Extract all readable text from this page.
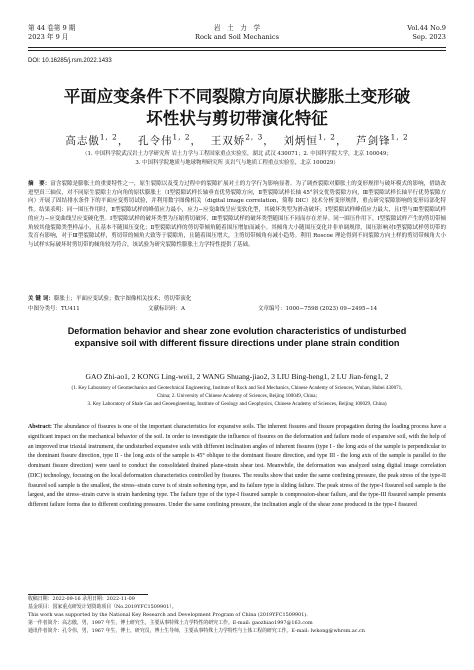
第 44 卷第 9 期
2023 年 9 月
岩　土　力　学
Rock and Soil Mechanics
Vol.44 No.9
Sep. 2023
DOI: 10.16285/j.rsm.2022.1433
平面应变条件下不同裂隙方向原状膨胀土变形破
坏性状与剪切带演化特征
高志傲$^{1, 2}$，  孔令伟$^{1, 2}$，  王双娇$^{2, 3}$，  刘炳恒$^{1, 2}$，  芦剑锋$^{1, 2}$
（1. 中国科学院武汉岩土力学研究所 岩土力学与工程国家重点实验室，湖北 武汉 430071；2. 中国科学院大学，北京 100049；
3. 中国科学院地质与地球物理研究所 页岩气与地质工程重点实验室，北京 100029）
摘　要：富含裂隙是膨胀土的重要特性之一，原生裂隙以及受力过程中的裂隙扩展对土的力学行为影响显著。为了调查裂隙对膨胀土的变形规律与破坏模式的影响，借助改进型真三轴仪，对不同原生裂隙主方向角的原状膨胀土（Ⅰ型裂隙试样长轴垂直优势裂隙方向，Ⅱ型裂隙试样长轴 45°斜交优势裂隙方向，Ⅲ型裂隙试样长轴平行优势裂隙方向）开展了固结排水条件下的平面应变剪切试验，并利用数字图像相关（digital image correlation，简称 DIC）技术分析变形规律，重点研究裂隙影响的变形局部化特性。结果表明：同一围压作用时，Ⅱ型裂隙试样的峰值应力最小，应力−应变曲线呈应变软化型，其破坏类型为滑动破坏；Ⅰ型裂隙试样峰值应力最大，且Ⅰ型与Ⅲ型裂隙试样的应力−应变曲线呈应变硬化型。Ⅰ型裂隙试样的破坏类型为压缩剪切破坏，Ⅲ型裂隙试样的破坏类型随围压不同而存在差异。同一围压作用下，Ⅰ型裂隙试样产生的剪切带倾角较其他裂隙类型样品小，且基本不随围压变化；Ⅱ型裂隙试样的剪切带倾角随着围压增加而减小。其倾角大小随围压变化并非单调规律，围压影响对Ⅰ型裂隙试样剪切带的发育有影响，对于Ⅲ型裂隙试样，剪切带的倾角大致等于裂隙角，且随着围压增大，主剪切带倾角有减小趋势。利用 Roscoe 理论得到不同裂隙方向土样的剪切带倾角大小与试样实际破坏时剪切带的倾角较为符合，该试验为研究裂隙性膨胀土力学特性提供了基础。
关 键 词：膨胀土；平面应变试验；数字图像相关技术；剪切带演化
中图分类号：TU411	文献标识码：A	文章编号：1000−7598 (2023) 09−2495−14
Deformation behavior and shear zone evolution characteristics of undisturbed
expansive soil with different fissure directions under plane strain condition
GAO Zhi-ao1, 2 KONG Ling-wei1, 2 WANG Shuang-jiao2, 3 LIU Bing-heng1, 2 LU Jian-feng1, 2
(1. Key Laboratory of Geomechanics and Geotechnical Engineering, Institute of Rock and Soil Mechanics, Chinese Academy of Sciences, Wuhan, Hubei 430071,
China; 2. University of Chinese Academy of Sciences, Beijing 100049, China;
3. Key Laboratory of Shale Gas and Geoengineering, Institute of Geology and Geophysics, Chinese Academy of Sciences, Beijing 100029, China)
Abstract: The abundance of fissures is one of the important characteristics for expansive soils. The inherent fissures and fissure propagation during the loading process have a significant impact on the mechanical behavior of the soil. In order to investigate the influence of fissures on the deformation and failure mode of expansive soil, with the help of an improved true triaxial instrument, the undisturbed expansive soils with different inclination angles of inherent fissures (type I - the long axis of the sample is perpendicular to the dominant fissure direction, type II - the long axis of the sample is 45° oblique to the dominant fissure direction, and type III - the long axis of the sample is parallel to the dominant fissure direction) were used to conduct the consolidated drained plane-strain shear test. Meanwhile, the deformation was analyzed using digital image correlation (DIC) technology, focusing on the local deformation characteristics controlled by fissures. The results show that under the same confining pressure, the peak stress of the type-II fissured soil sample is the smallest, the stress–strain curve is of strain softening type, and its failure type is sliding failure. The peak stress of the type-I fissured soil sample is the largest, and the stress–strain curve is strain hardening type. The failure type of the type-I fissured sample is compression-shear failure, and the type-III fissured sample presents different failure forms due to different confining pressures. Under the same confining pressure, the inclination angle of the shear zone produced in the type-I fissured
收稿日期：2022-09-16 录用日期：2022-11-09
基金项目：国家重点研发计划资助项目（No.2019YFC1509901）。
This work was supported by the National Key Research and Development Program of China (2019YFC1509901).
第一作者简介：高志傲，男，1997 年生，博士研究生，主要从事特殊土力学特性的研究工作。E-mail: gaozhiao1997@163.com
通讯作者简介：孔令伟，男，1967 年生，博士，研究员，博士生导师，主要从事特殊土力学特性与土体工程的研究工作。E-mail: lwkong@whrsm.ac.cn
